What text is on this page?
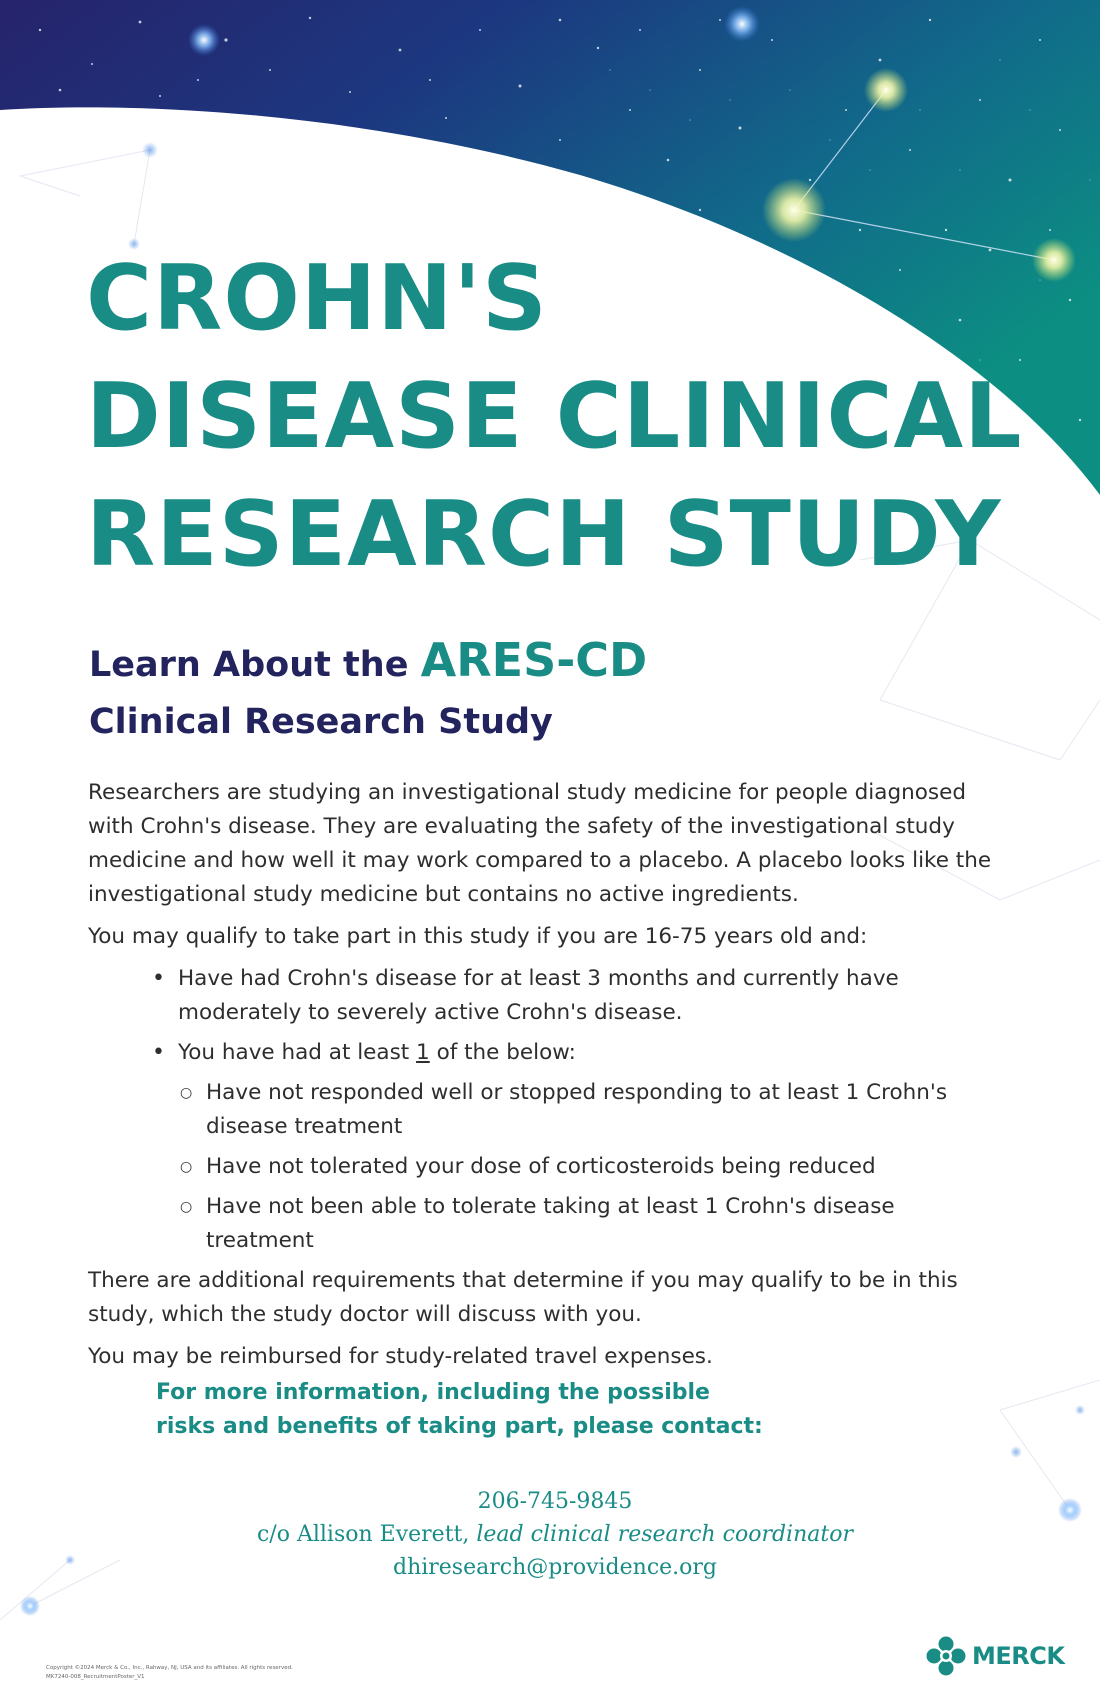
CROHN'S
DISEASE CLINICAL
RESEARCH STUDY
Learn About the ARES-CD
Clinical Research Study

Researchers are studying an investigational study medicine for people diagnosed with Crohn's disease. They are evaluating the safety of the investigational study medicine and how well it may work compared to a placebo. A placebo looks like the investigational study medicine but contains no active ingredients.

You may qualify to take part in this study if you are 16-75 years old and:

• Have had Crohn's disease for at least 3 months and currently have moderately to severely active Crohn's disease.
• You have had at least 1 of the below:
○ Have not responded well or stopped responding to at least 1 Crohn's disease treatment
○ Have not tolerated your dose of corticosteroids being reduced
○ Have not been able to tolerate taking at least 1 Crohn's disease treatment

There are additional requirements that determine if you may qualify to be in this study, which the study doctor will discuss with you.

You may be reimbursed for study-related travel expenses.

For more information, including the possible
risks and benefits of taking part, please contact:

206-745-9845
c/o Allison Everett, lead clinical research coordinator
dhiresearch@providence.org
Copyright ©2024 Merck & Co., Inc., Rahway, NJ, USA and its affiliates. All rights reserved.
MK7240-008_RecruitmentPoster_V1
MERCK
